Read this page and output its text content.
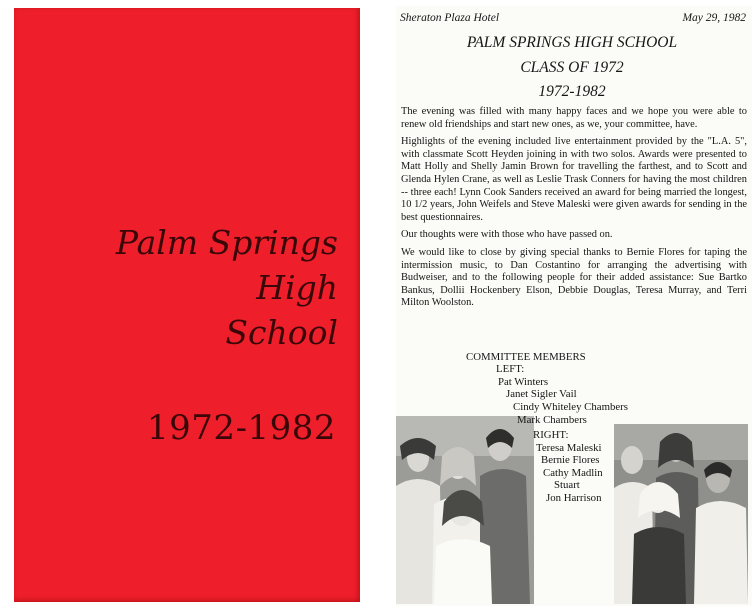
Palm Springs
High
School
1972-1982
Sheraton Plaza Hotel	May 29, 1982
PALM SPRINGS HIGH SCHOOL
CLASS OF 1972
1972-1982

The evening was filled with many happy faces and we hope you were able to renew old friendships and start new ones, as we, your committee, have.

Highlights of the evening included live entertainment provided by the "L.A. 5", with classmate Scott Heyden joining in with two solos. Awards were presented to Matt Holly and Shelly Jamin Brown for travelling the farthest, and to Scott and Glenda Hylen Crane, as well as Leslie Trask Conners for having the most children -- three each! Lynn Cook Sanders received an award for being married the longest, 10 1/2 years, John Weifels and Steve Maleski were given awards for sending in the best questionnaires.

Our thoughts were with those who have passed on.

We would like to close by giving special thanks to Bernie Flores for taping the intermission music, to Dan Costantino for arranging the advertising with Budweiser, and to the following people for their added assistance: Sue Bartko Bankus, Dollii Hockenbery Elson, Debbie Douglas, Teresa Murray, and Terri Milton Woolston.

COMMITTEE MEMBERS
LEFT:
Pat Winters
Janet Sigler Vail
Cindy Whiteley Chambers
Mark Chambers
RIGHT:
Teresa Maleski
Bernie Flores
Cathy Madlin
Stuart
Jon Harrison
